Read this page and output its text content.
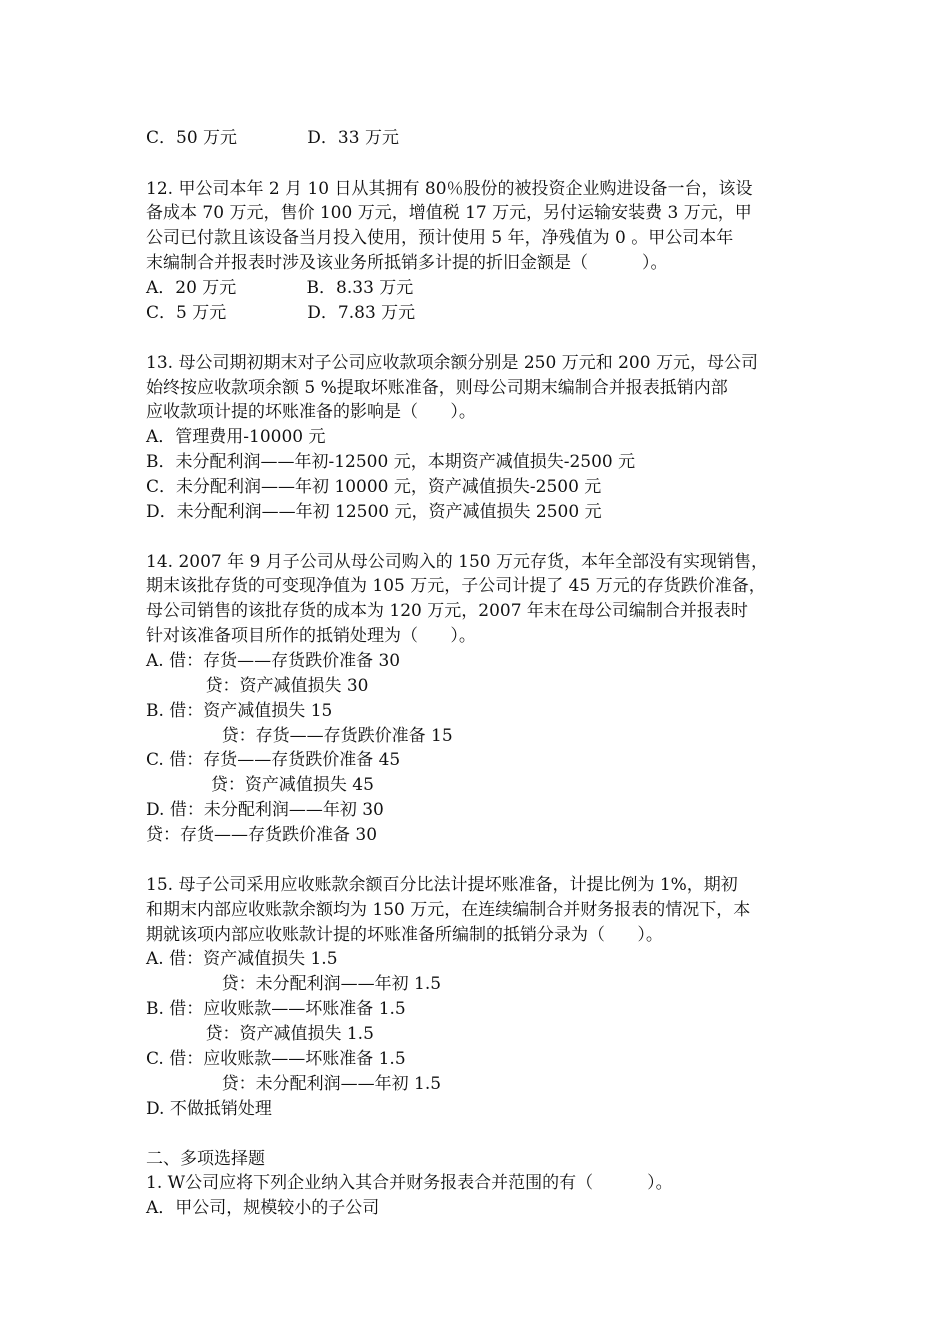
C．50 万元             D．33 万元
12. 甲公司本年 2 月 10 日从其拥有 80％股份的被投资企业购进设备一台，该设
备成本 70 万元，售价 100 万元，增值税 17 万元，另付运输安装费 3 万元，甲
公司已付款且该设备当月投入使用，预计使用 5 年，净残值为 0 。甲公司本年
末编制合并报表时涉及该业务所抵销多计提的折旧金额是（          ）。
A．20 万元             B．8.33 万元
C．5 万元               D．7.83 万元
13. 母公司期初期末对子公司应收款项余额分别是 250 万元和 200 万元，母公司
始终按应收款项余额 5 %提取坏账准备，则母公司期末编制合并报表抵销内部
应收款项计提的坏账准备的影响是（      ）。
A．管理费用-10000 元
B．未分配利润——年初-12500 元，本期资产减值损失-2500 元
C．未分配利润——年初 10000 元，资产减值损失-2500 元
D．未分配利润——年初 12500 元，资产减值损失 2500 元
14. 2007 年 9 月子公司从母公司购入的 150 万元存货，本年全部没有实现销售，
期末该批存货的可变现净值为 105 万元，子公司计提了 45 万元的存货跌价准备，
母公司销售的该批存货的成本为 120 万元，2007 年末在母公司编制合并报表时
针对该准备项目所作的抵销处理为（      ）。
A. 借：存货——存货跌价准备 30
贷：资产减值损失 30
B. 借：资产减值损失 15
贷：存货——存货跌价准备 15
C. 借：存货——存货跌价准备 45
贷：资产减值损失 45
D. 借：未分配利润——年初 30
贷：存货——存货跌价准备 30
15. 母子公司采用应收账款余额百分比法计提坏账准备，计提比例为 1%，期初
和期末内部应收账款余额均为 150 万元，在连续编制合并财务报表的情况下，本
期就该项内部应收账款计提的坏账准备所编制的抵销分录为（      ）。
A. 借：资产减值损失 1.5
贷：未分配利润——年初 1.5
B. 借：应收账款——坏账准备 1.5
贷：资产减值损失 1.5
C. 借：应收账款——坏账准备 1.5
贷：未分配利润——年初 1.5
D. 不做抵销处理
二、多项选择题
1. W公司应将下列企业纳入其合并财务报表合并范围的有（          ）。
A．甲公司，规模较小的子公司
